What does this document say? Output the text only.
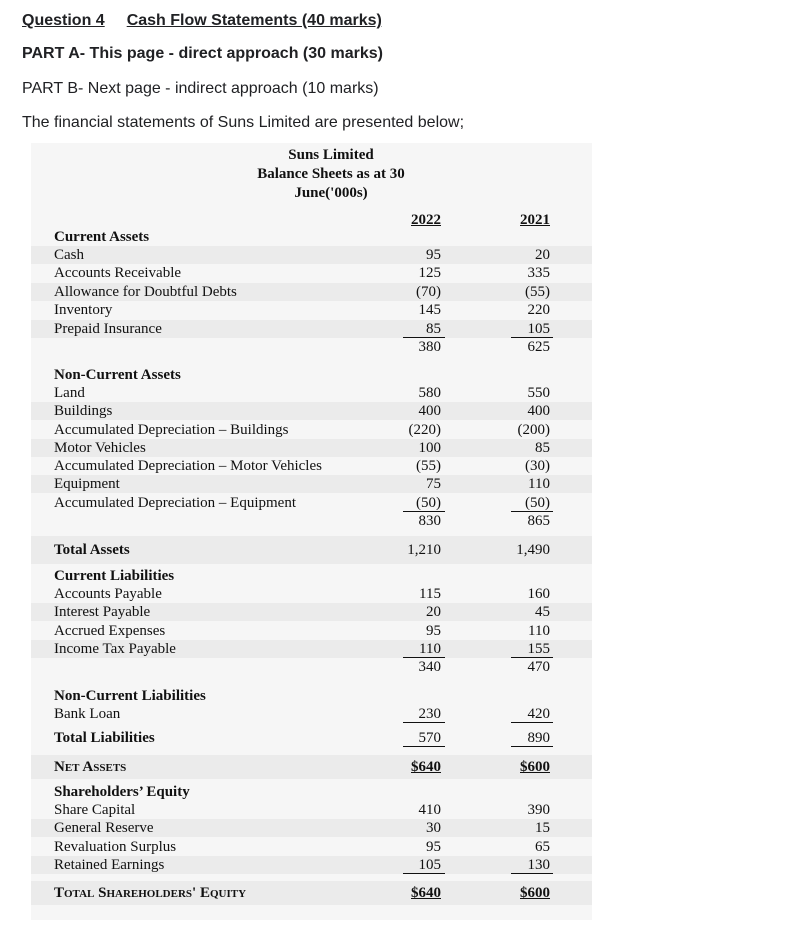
Question 4 Cash Flow Statements (40 marks)
PART A- This page - direct approach (30 marks)
PART B- Next page - indirect approach (10 marks)
The financial statements of Suns Limited are presented below;
Suns Limited
Balance Sheets as at 30
June('000s)
2022	2021
Current Assets
Cash	95	20
Accounts Receivable	125	335
Allowance for Doubtful Debts	(70)	(55)
Inventory	145	220
Prepaid Insurance	85	105
380	625
Non-Current Assets
Land	580	550
Buildings	400	400
Accumulated Depreciation – Buildings	(220)	(200)
Motor Vehicles	100	85
Accumulated Depreciation – Motor Vehicles	(55)	(30)
Equipment	75	110
Accumulated Depreciation – Equipment	(50)	(50)
830	865
Total Assets	1,210	1,490
Current Liabilities
Accounts Payable	115	160
Interest Payable	20	45
Accrued Expenses	95	110
Income Tax Payable	110	155
340	470
Non-Current Liabilities
Bank Loan	230	420
Total Liabilities	570	890
Net Assets	$640	$600
Shareholders’ Equity
Share Capital	410	390
General Reserve	30	15
Revaluation Surplus	95	65
Retained Earnings	105	130
Total Shareholders' Equity	$640	$600
